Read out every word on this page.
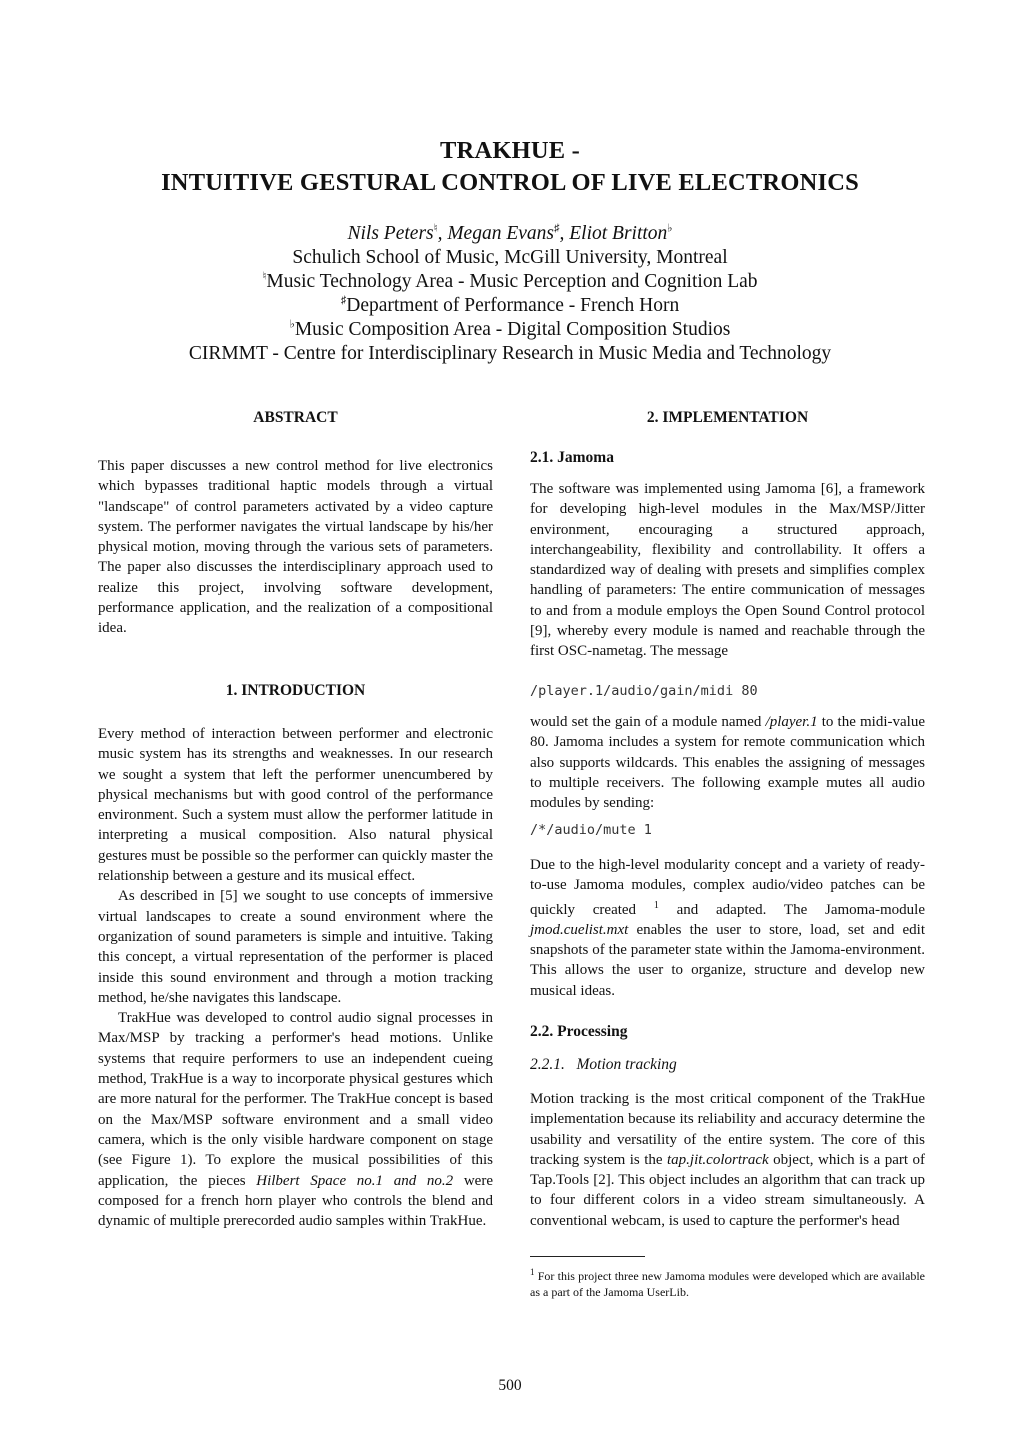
TRAKHUE -
INTUITIVE GESTURAL CONTROL OF LIVE ELECTRONICS
Nils Peters♮, Megan Evans♯, Eliot Britton♭
Schulich School of Music, McGill University, Montreal
♮Music Technology Area - Music Perception and Cognition Lab
♯Department of Performance - French Horn
♭Music Composition Area - Digital Composition Studios
CIRMMT - Centre for Interdisciplinary Research in Music Media and Technology
ABSTRACT

This paper discusses a new control method for live electronics which bypasses traditional haptic models through a virtual "landscape" of control parameters activated by a video capture system. The performer navigates the virtual landscape by his/her physical motion, moving through the various sets of parameters. The paper also discusses the interdisciplinary approach used to realize this project, involving software development, performance application, and the realization of a compositional idea.

1. INTRODUCTION

Every method of interaction between performer and electronic music system has its strengths and weaknesses. In our research we sought a system that left the performer unencumbered by physical mechanisms but with good control of the performance environment. Such a system must allow the performer latitude in interpreting a musical composition. Also natural physical gestures must be possible so the performer can quickly master the relationship between a gesture and its musical effect.

As described in [5] we sought to use concepts of immersive virtual landscapes to create a sound environment where the organization of sound parameters is simple and intuitive. Taking this concept, a virtual representation of the performer is placed inside this sound environment and through a motion tracking method, he/she navigates this landscape.

TrakHue was developed to control audio signal processes in Max/MSP by tracking a performer's head motions. Unlike systems that require performers to use an independent cueing method, TrakHue is a way to incorporate physical gestures which are more natural for the performer. The TrakHue concept is based on the Max/MSP software environment and a small video camera, which is the only visible hardware component on stage (see Figure 1). To explore the musical possibilities of this application, the pieces Hilbert Space no.1 and no.2 were composed for a french horn player who controls the blend and dynamic of multiple prerecorded audio samples within TrakHue.

2. IMPLEMENTATION
2.1. Jamoma

The software was implemented using Jamoma [6], a framework for developing high-level modules in the Max/MSP/Jitter environment, encouraging a structured approach, interchangeability, flexibility and controllability. It offers a standardized way of dealing with presets and simplifies complex handling of parameters: The entire communication of messages to and from a module employs the Open Sound Control protocol [9], whereby every module is named and reachable through the first OSC-nametag. The message

/player.1/audio/gain/midi 80

would set the gain of a module named /player.1 to the midi-value 80. Jamoma includes a system for remote communication which also supports wildcards. This enables the assigning of messages to multiple receivers. The following example mutes all audio modules by sending:

/*/audio/mute 1

Due to the high-level modularity concept and a variety of ready-to-use Jamoma modules, complex audio/video patches can be quickly created $^1$ and adapted. The Jamoma-module jmod.cuelist.mxt enables the user to store, load, set and edit snapshots of the parameter state within the Jamoma-environment. This allows the user to organize, structure and develop new musical ideas.

2.2. Processing
2.2.1.   Motion tracking

Motion tracking is the most critical component of the TrakHue implementation because its reliability and accuracy determine the usability and versatility of the entire system. The core of this tracking system is the tap.jit.colortrack object, which is a part of Tap.Tools [2]. This object includes an algorithm that can track up to four different colors in a video stream simultaneously. A conventional webcam, is used to capture the performer's head

$^1$ For this project three new Jamoma modules were developed which are available as a part of the Jamoma UserLib.
500
